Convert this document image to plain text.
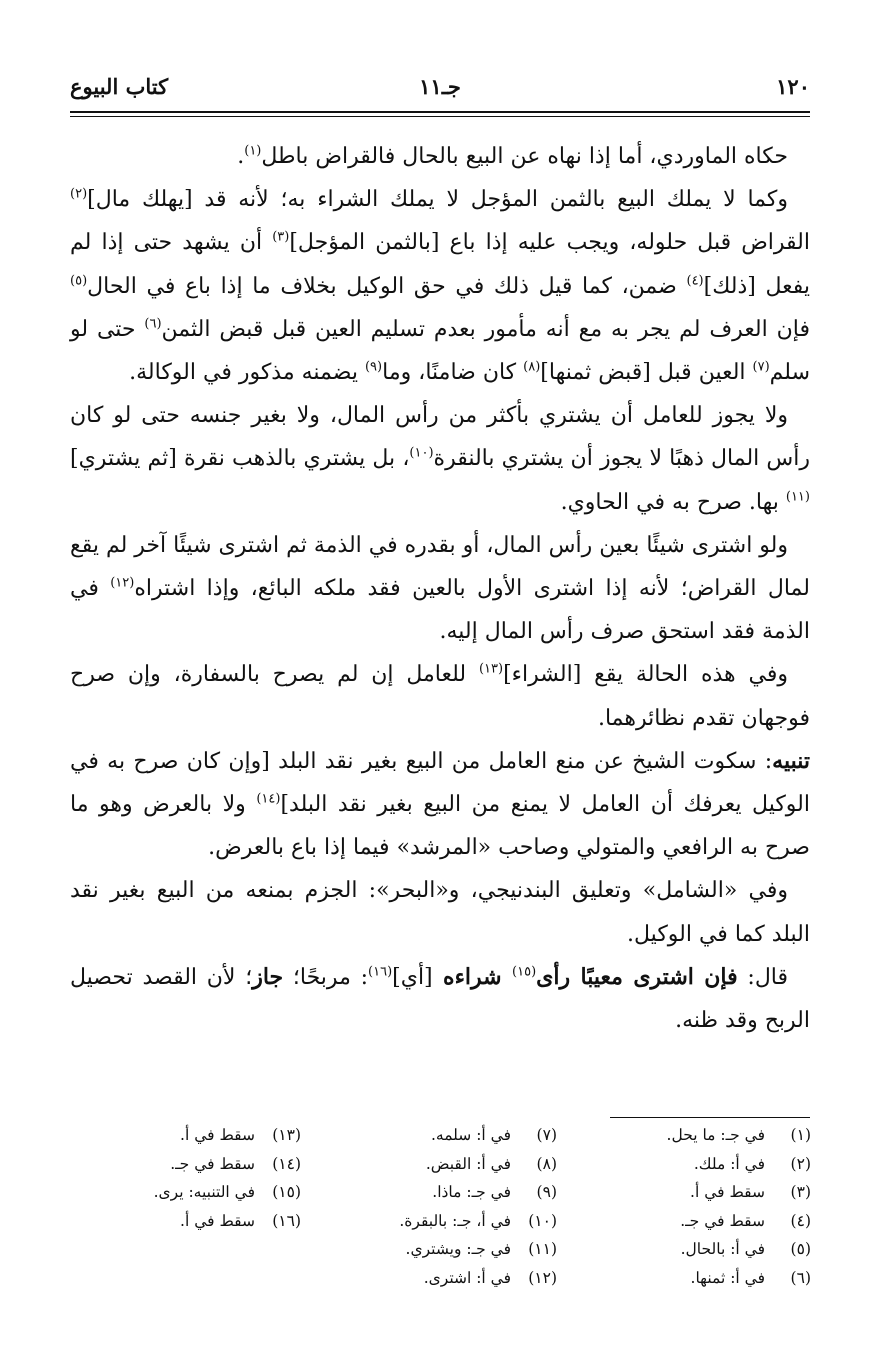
١٢٠
جـ١١
كتاب البيوع

حكاه الماوردي، أما إذا نهاه عن البيع بالحال فالقراض باطل$^{(١)}$.

وكما لا يملك البيع بالثمن المؤجل لا يملك الشراء به؛ لأنه قد [يهلك مال]$^{(٢)}$ القراض قبل حلوله، ويجب عليه إذا باع [بالثمن المؤجل]$^{(٣)}$ أن يشهد حتى إذا لم يفعل [ذلك]$^{(٤)}$ ضمن، كما قيل ذلك في حق الوكيل بخلاف ما إذا باع في الحال$^{(٥)}$ فإن العرف لم يجر به مع أنه مأمور بعدم تسليم العين قبل قبض الثمن$^{(٦)}$ حتى لو سلم$^{(٧)}$ العين قبل [قبض ثمنها]$^{(٨)}$ كان ضامنًا، وما$^{(٩)}$ يضمنه مذكور في الوكالة.

ولا يجوز للعامل أن يشتري بأكثر من رأس المال، ولا بغير جنسه حتى لو كان رأس المال ذهبًا لا يجوز أن يشتري بالنقرة$^{(١٠)}$، بل يشتري بالذهب نقرة [ثم يشتري]$^{(١١)}$ بها. صرح به في الحاوي.

ولو اشترى شيئًا بعين رأس المال، أو بقدره في الذمة ثم اشترى شيئًا آخر لم يقع لمال القراض؛ لأنه إذا اشترى الأول بالعين فقد ملكه البائع، وإذا اشتراه$^{(١٢)}$ في الذمة فقد استحق صرف رأس المال إليه.

وفي هذه الحالة يقع [الشراء]$^{(١٣)}$ للعامل إن لم يصرح بالسفارة، وإن صرح فوجهان تقدم نظائرهما.

تنبيه: سكوت الشيخ عن منع العامل من البيع بغير نقد البلد [وإن كان صرح به في الوكيل يعرفك أن العامل لا يمنع من البيع بغير نقد البلد]$^{(١٤)}$ ولا بالعرض وهو ما صرح به الرافعي والمتولي وصاحب «المرشد» فيما إذا باع بالعرض.

وفي «الشامل» وتعليق البندنيجي، و«البحر»: الجزم بمنعه من البيع بغير نقد البلد كما في الوكيل.

قال: فإن اشترى معيبًا رأى$^{(١٥)}$ شراءه [أي]$^{(١٦)}$: مربحًا؛ جاز؛ لأن القصد تحصيل الربح وقد ظنه.

(١)في جـ: ما يحل.
(٢)في أ: ملك.
(٣)سقط في أ.
(٤)سقط في جـ.
(٥)في أ: بالحال.
(٦)في أ: ثمنها.
(٧)في أ: سلمه.
(٨)في أ: القبض.
(٩)في جـ: ماذا.
(١٠)في أ، جـ: بالبقرة.
(١١)في جـ: ويشتري.
(١٢)في أ: اشترى.
(١٣)سقط في أ.
(١٤)سقط في جـ.
(١٥)في التنبيه: يرى.
(١٦)سقط في أ.
